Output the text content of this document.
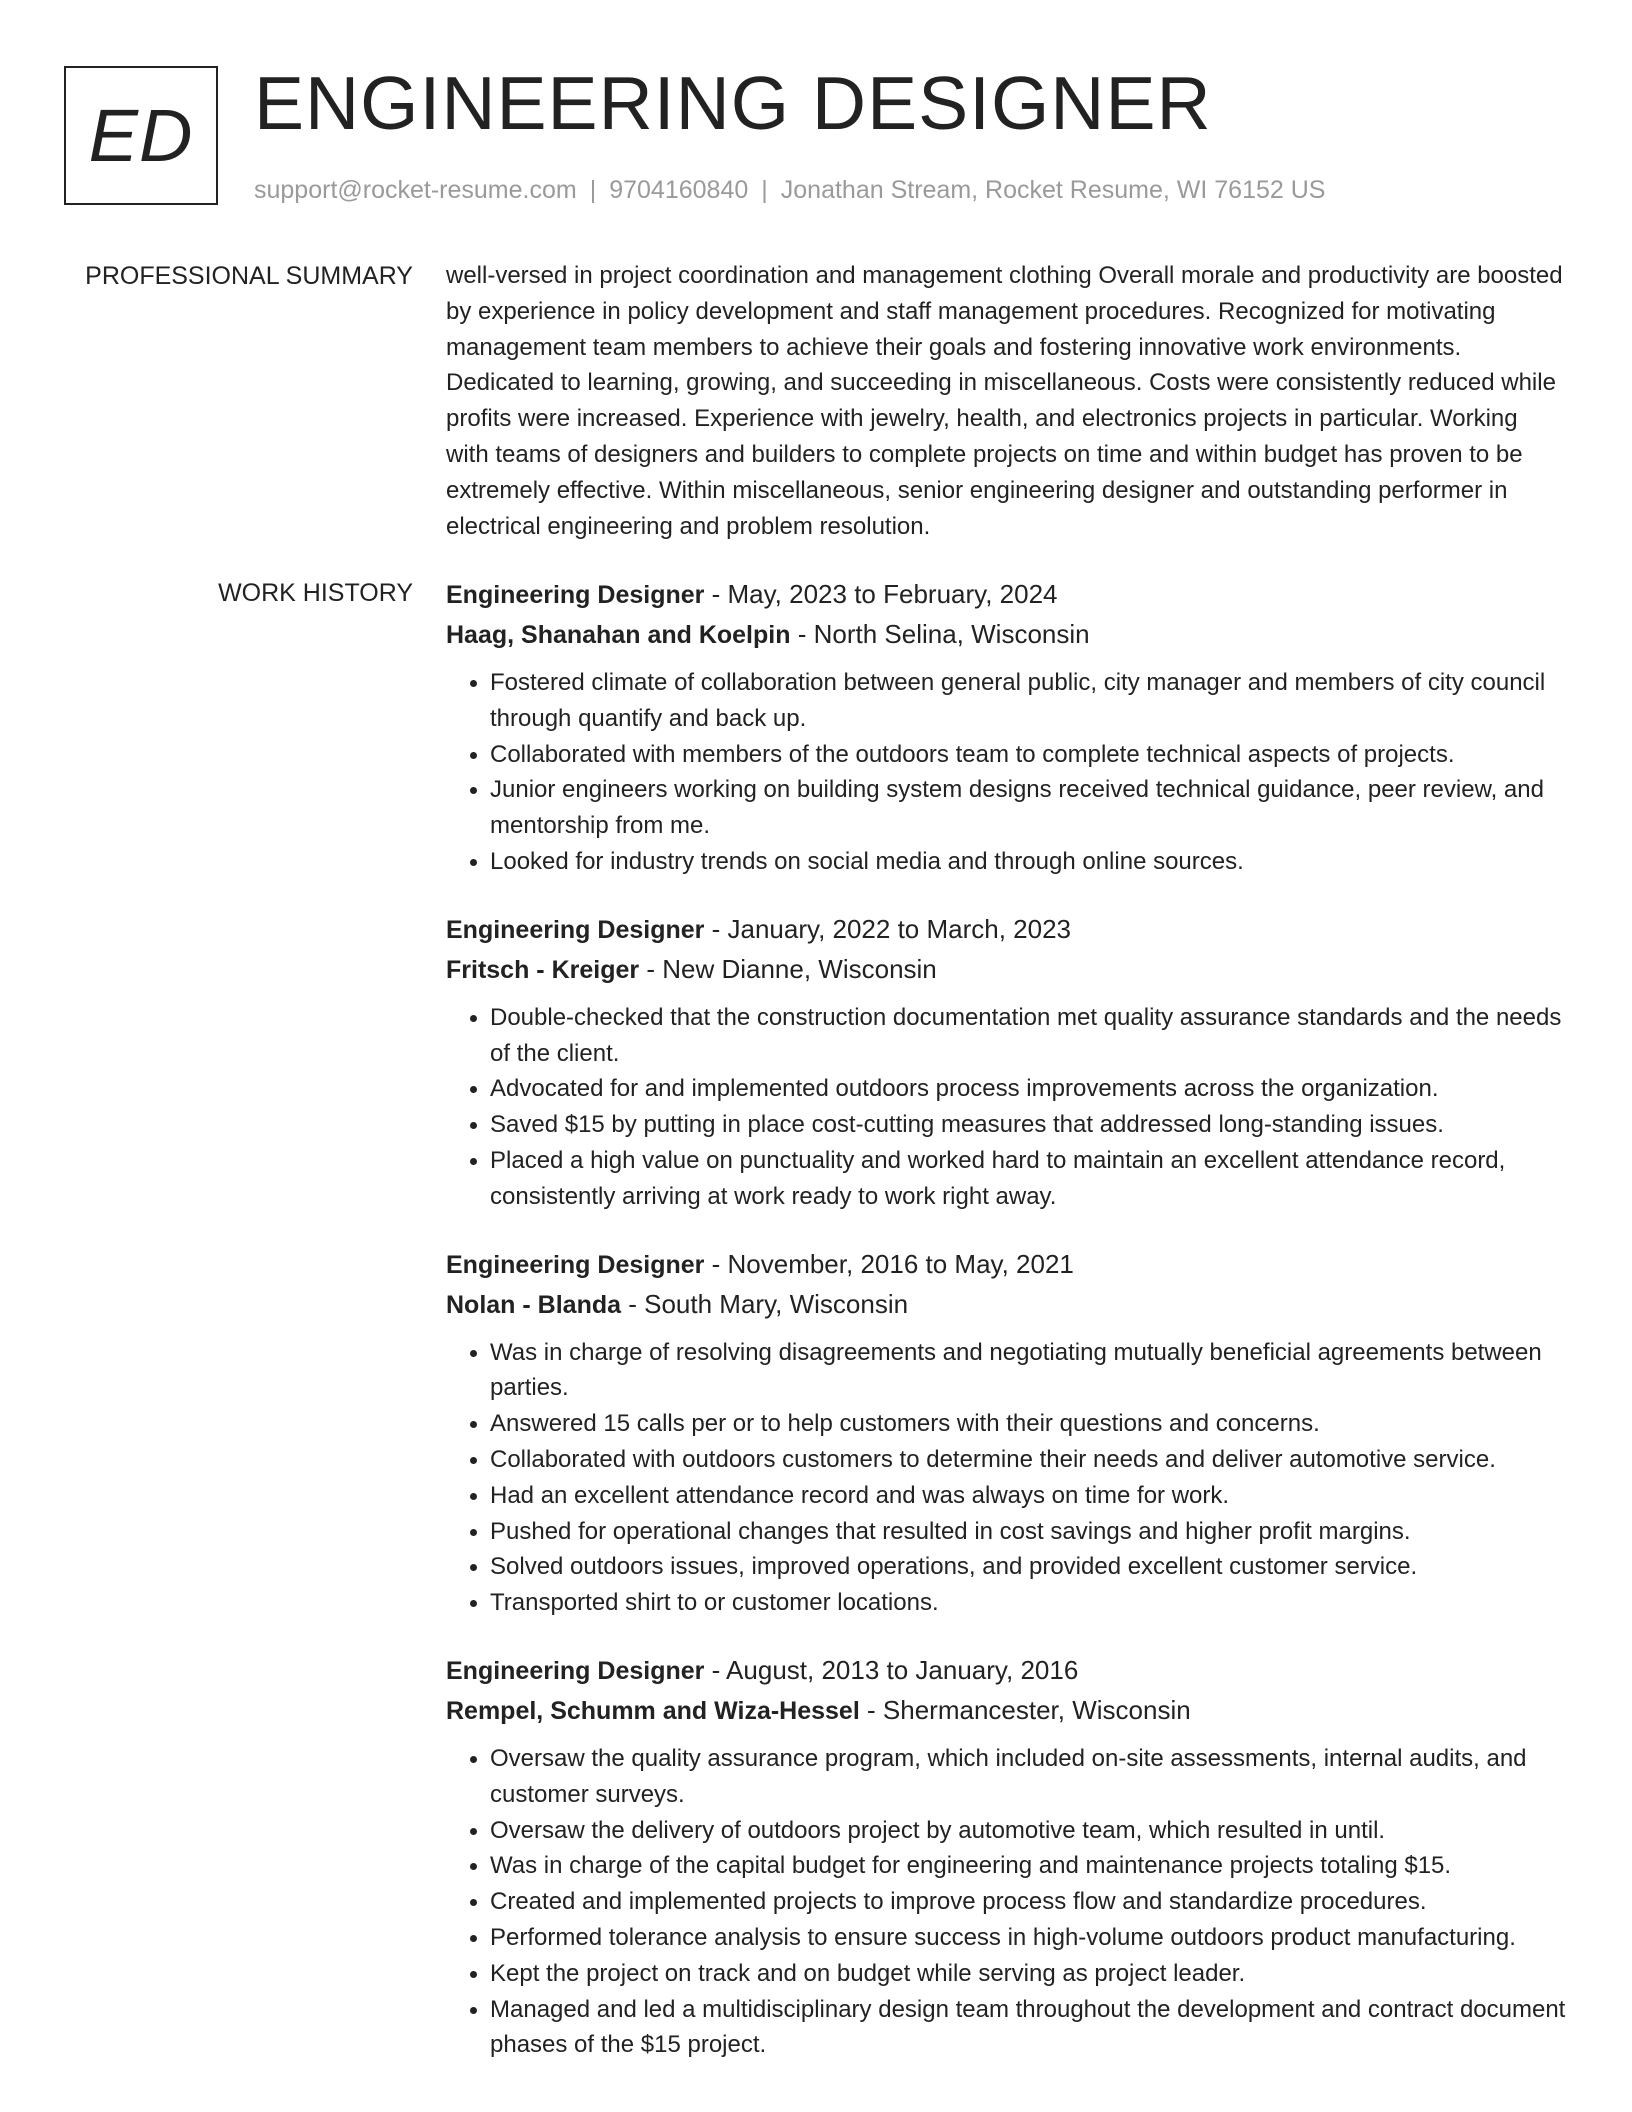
ED ENGINEERING DESIGNER
support@rocket-resume.com | 9704160840 | Jonathan Stream, Rocket Resume, WI 76152 US
PROFESSIONAL SUMMARY well-versed in project coordination and management clothing Overall morale and productivity are boosted by experience in policy development and staff management procedures. Recognized for motivating management team members to achieve their goals and fostering innovative work environments. Dedicated to learning, growing, and succeeding in miscellaneous. Costs were consistently reduced while profits were increased. Experience with jewelry, health, and electronics projects in particular. Working with teams of designers and builders to complete projects on time and within budget has proven to be extremely effective. Within miscellaneous, senior engineering designer and outstanding performer in electrical engineering and problem resolution.

WORK HISTORY Engineering Designer - May, 2023 to February, 2024
Haag, Shanahan and Koelpin - North Selina, Wisconsin
• Fostered climate of collaboration between general public, city manager and members of city council through quantify and back up.
• Collaborated with members of the outdoors team to complete technical aspects of projects.
• Junior engineers working on building system designs received technical guidance, peer review, and mentorship from me.
• Looked for industry trends on social media and through online sources.
Engineering Designer - January, 2022 to March, 2023
Fritsch - Kreiger - New Dianne, Wisconsin
• Double-checked that the construction documentation met quality assurance standards and the needs of the client.
• Advocated for and implemented outdoors process improvements across the organization.
• Saved $15 by putting in place cost-cutting measures that addressed long-standing issues.
• Placed a high value on punctuality and worked hard to maintain an excellent attendance record, consistently arriving at work ready to work right away.
Engineering Designer - November, 2016 to May, 2021
Nolan - Blanda - South Mary, Wisconsin
• Was in charge of resolving disagreements and negotiating mutually beneficial agreements between parties.
• Answered 15 calls per or to help customers with their questions and concerns.
• Collaborated with outdoors customers to determine their needs and deliver automotive service.
• Had an excellent attendance record and was always on time for work.
• Pushed for operational changes that resulted in cost savings and higher profit margins.
• Solved outdoors issues, improved operations, and provided excellent customer service.
• Transported shirt to or customer locations.
Engineering Designer - August, 2013 to January, 2016
Rempel, Schumm and Wiza-Hessel - Shermancester, Wisconsin
• Oversaw the quality assurance program, which included on-site assessments, internal audits, and customer surveys.
• Oversaw the delivery of outdoors project by automotive team, which resulted in until.
• Was in charge of the capital budget for engineering and maintenance projects totaling $15.
• Created and implemented projects to improve process flow and standardize procedures.
• Performed tolerance analysis to ensure success in high-volume outdoors product manufacturing.
• Kept the project on track and on budget while serving as project leader.
• Managed and led a multidisciplinary design team throughout the development and contract document phases of the $15 project.
